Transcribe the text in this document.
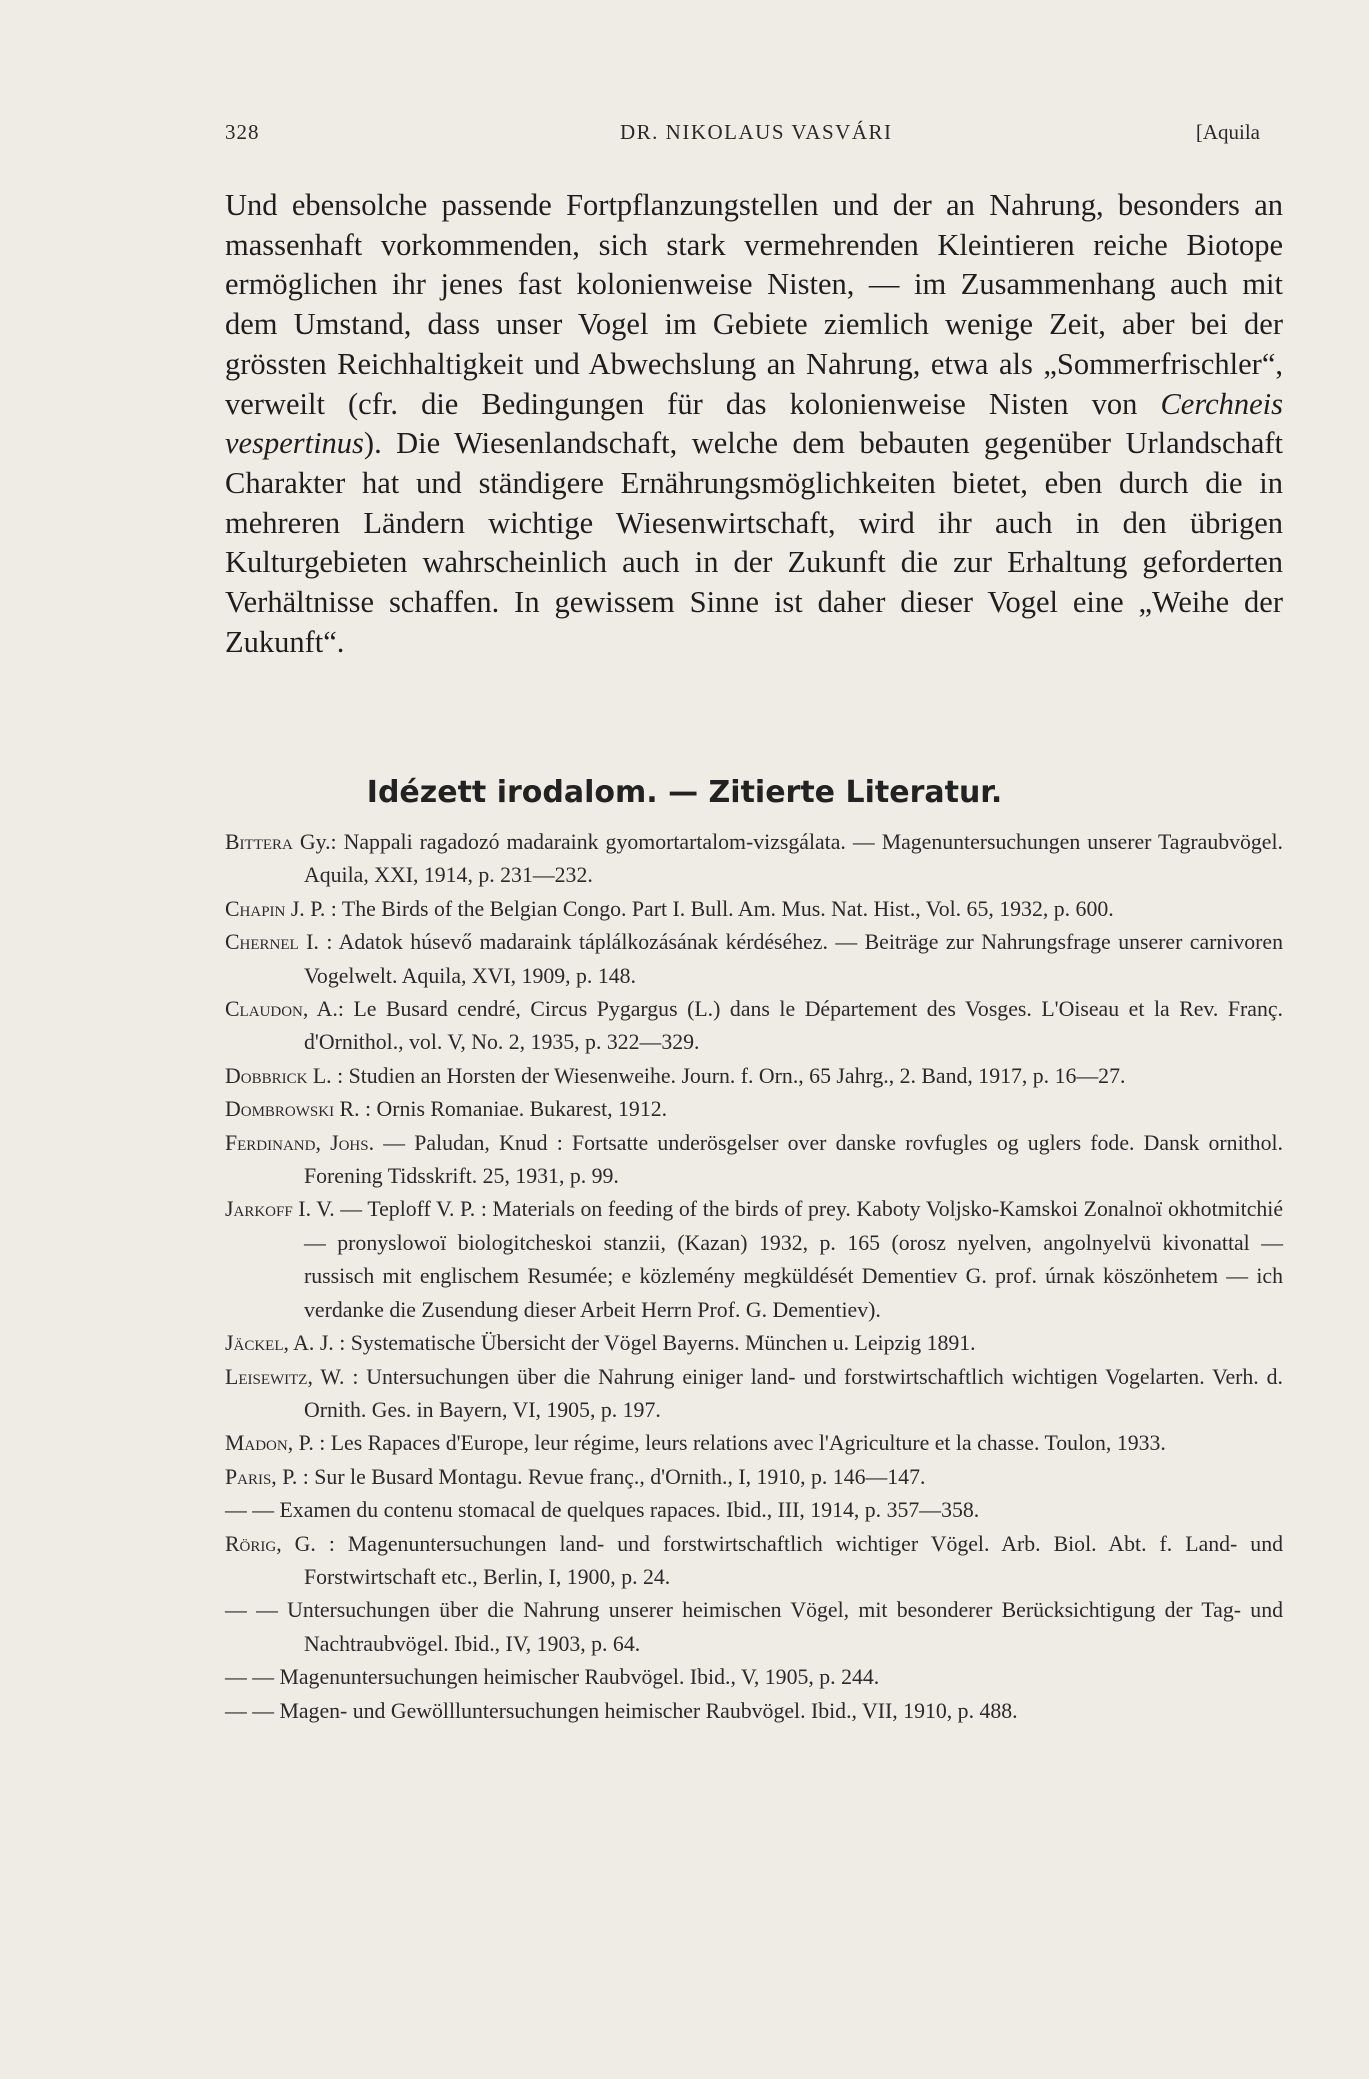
328	DR. NIKOLAUS VASVÁRI	[Aquila

Und ebensolche passende Fortpflanzungstellen und der an Nahrung, besonders an massenhaft vorkommenden, sich stark vermehrenden Kleintieren reiche Biotope ermöglichen ihr jenes fast kolonienweise Nisten, — im Zusammenhang auch mit dem Umstand, dass unser Vogel im Gebiete ziemlich wenige Zeit, aber bei der grössten Reichhaltigkeit und Abwechslung an Nahrung, etwa als „Sommerfrischler“, verweilt (cfr. die Bedingungen für das kolonienweise Nisten von Cerchneis vespertinus). Die Wiesenlandschaft, welche dem bebauten gegenüber Urlandschaft Charakter hat und ständigere Ernährungsmöglichkeiten bietet, eben durch die in mehreren Ländern wichtige Wiesenwirtschaft, wird ihr auch in den übrigen Kulturgebieten wahrscheinlich auch in der Zukunft die zur Erhaltung geforderten Verhältnisse schaffen. In gewissem Sinne ist daher dieser Vogel eine „Weihe der Zukunft“.

Idézett irodalom. — Zitierte Literatur.
Bittera Gy.: Nappali ragadozó madaraink gyomortartalom-vizsgálata. — Magenuntersuchungen unserer Tagraubvögel. Aquila, XXI, 1914, p. 231—232.
Chapin J. P. : The Birds of the Belgian Congo. Part I. Bull. Am. Mus. Nat. Hist., Vol. 65, 1932, p. 600.
Chernel I. : Adatok húsevő madaraink táplálkozásának kérdéséhez. — Beiträge zur Nahrungsfrage unserer carnivoren Vogelwelt. Aquila, XVI, 1909, p. 148.
Claudon, A.: Le Busard cendré, Circus Pygargus (L.) dans le Département des Vosges. L'Oiseau et la Rev. Franç. d'Ornithol., vol. V, No. 2, 1935, p. 322—329.
Dobbrick L. : Studien an Horsten der Wiesenweihe. Journ. f. Orn., 65 Jahrg., 2. Band, 1917, p. 16—27.
Dombrowski R. : Ornis Romaniae. Bukarest, 1912.
Ferdinand, Johs. — Paludan, Knud : Fortsatte underösgelser over danske rovfugles og uglers fode. Dansk ornithol. Forening Tidsskrift. 25, 1931, p. 99.
Jarkoff I. V. — Teploff V. P. : Materials on feeding of the birds of prey. Kaboty Voljsko-Kamskoi Zonalnoï okhotmitchié — pronyslowoï biologitcheskoi stanzii, (Kazan) 1932, p. 165 (orosz nyelven, angolnyelvü kivonattal — russisch mit englischem Resumée; e közlemény megküldését Dementiev G. prof. úrnak köszönhetem — ich verdanke die Zusendung dieser Arbeit Herrn Prof. G. Dementiev).
Jäckel, A. J. : Systematische Übersicht der Vögel Bayerns. München u. Leipzig 1891.
Leisewitz, W. : Untersuchungen über die Nahrung einiger land- und forstwirtschaftlich wichtigen Vogelarten. Verh. d. Ornith. Ges. in Bayern, VI, 1905, p. 197.
Madon, P. : Les Rapaces d'Europe, leur régime, leurs relations avec l'Agriculture et la chasse. Toulon, 1933.
Paris, P. : Sur le Busard Montagu. Revue franç., d'Ornith., I, 1910, p. 146—147.
— — Examen du contenu stomacal de quelques rapaces. Ibid., III, 1914, p. 357—358.
Rörig, G. : Magenuntersuchungen land- und forstwirtschaftlich wichtiger Vögel. Arb. Biol. Abt. f. Land- und Forstwirtschaft etc., Berlin, I, 1900, p. 24.
— — Untersuchungen über die Nahrung unserer heimischen Vögel, mit besonderer Berücksichtigung der Tag- und Nachtraubvögel. Ibid., IV, 1903, p. 64.
— — Magenuntersuchungen heimischer Raubvögel. Ibid., V, 1905, p. 244.
— — Magen- und Gewöllluntersuchungen heimischer Raubvögel. Ibid., VII, 1910, p. 488.
